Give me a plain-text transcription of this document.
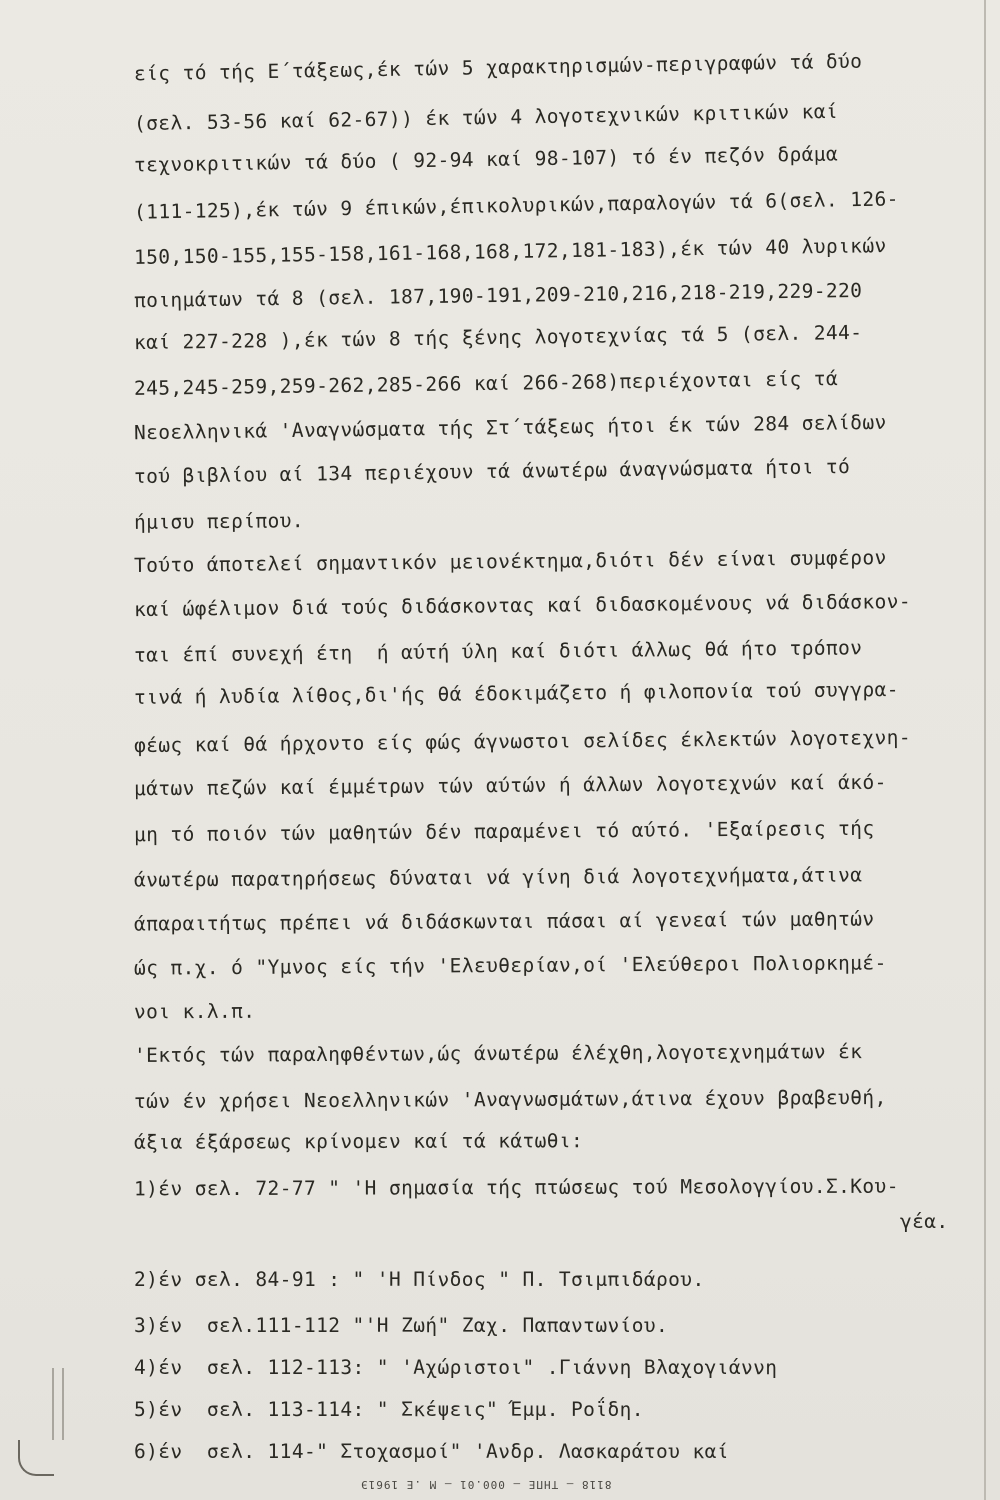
είς τό τής Ε΄τάξεως,έκ τών 5 χαρακτηρισμών-περιγραφών τά δύο

(σελ. 53-56 καί 62-67)) έκ τών 4 λογοτεχνικών κριτικών καί

τεχνοκριτικών τά δύο ( 92-94 καί 98-107) τό έν πεζόν δράμα

(111-125),έκ τών 9 έπικών,έπικολυρικών,παραλογών τά 6(σελ. 126-

150,150-155,155-158,161-168,168,172,181-183),έκ τών 40 λυρικών

ποιημάτων τά 8 (σελ. 187,190-191,209-210,216,218-219,229-220

καί 227-228 ),έκ τών 8 τής ξένης λογοτεχνίας τά 5 (σελ. 244-

245,245-259,259-262,285-266 καί 266-268)περιέχονται είς τά

Νεοελληνικά 'Αναγνώσματα τής Στ΄τάξεως ήτοι έκ τών 284 σελίδων

τού βιβλίου αί 134 περιέχουν τά άνωτέρω άναγνώσματα ήτοι τό

ήμισυ περίπου.

Τούτο άποτελεί σημαντικόν μειονέκτημα,διότι δέν είναι συμφέρον

καί ώφέλιμον διά τούς διδάσκοντας καί διδασκομένους νά διδάσκον-

ται έπί συνεχή έτη  ή αύτή ύλη καί διότι άλλως θά ήτο τρόπον

τινά ή λυδία λίθος,δι'ής θά έδοκιμάζετο ή φιλοπονία τού συγγρα-

φέως καί θά ήρχοντο είς φώς άγνωστοι σελίδες έκλεκτών λογοτεχνη-

μάτων πεζών καί έμμέτρων τών αύτών ή άλλων λογοτεχνών καί άκό-

μη τό ποιόν τών μαθητών δέν παραμένει τό αύτό. 'Εξαίρεσις τής

άνωτέρω παρατηρήσεως δύναται νά γίνη διά λογοτεχνήματα,άτινα

άπαραιτήτως πρέπει νά διδάσκωνται πάσαι αί γενεαί τών μαθητών

ώς π.χ. ό "Υμνος είς τήν 'Ελευθερίαν,οί 'Ελεύθεροι Πολιορκημέ-

νοι κ.λ.π.

'Εκτός τών παραληφθέντων,ώς άνωτέρω έλέχθη,λογοτεχνημάτων έκ

τών έν χρήσει Νεοελληνικών 'Αναγνωσμάτων,άτινα έχουν βραβευθή,

άξια έξάρσεως κρίνομεν καί τά κάτωθι:

1)έν σελ. 72-77 " 'Η σημασία τής πτώσεως τού Μεσολογγίου.Σ.Κου-

γέα.

2)έν σελ. 84-91 : " 'Η Πίνδος " Π. Τσιμπιδάρου.

3)έν  σελ.111-112 "'Η Ζωή" Ζαχ. Παπαντωνίου.

4)έν  σελ. 112-113: " 'Αχώριστοι" .Γιάννη Βλαχογιάννη

5)έν  σελ. 113-114: " Σκέψεις" Έμμ. Ροΐδη.

6)έν  σελ. 114-" Στοχασμοί" 'Ανδρ. Λασκαράτου καί

8118 — ΤΗΠΕ — 000.01 — Μ .Ε 1961Э
